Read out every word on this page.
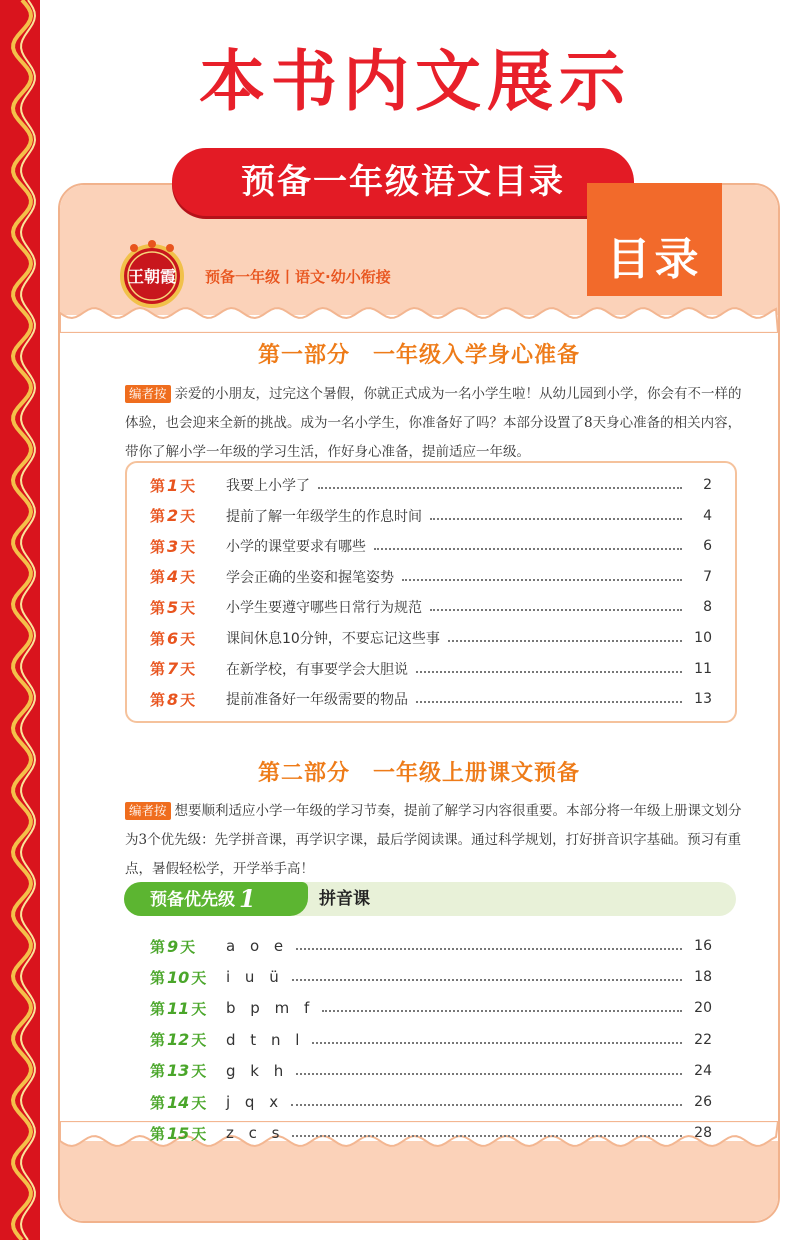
本书内文展示
预备一年级语文目录
王朝霞 预备一年级丨语文·幼小衔接	目录
第一部分　一年级入学身心准备
编者按 亲爱的小朋友，过完这个暑假，你就正式成为一名小学生啦！从幼儿园到小学，你会有不一样的体验，也会迎来全新的挑战。成为一名小学生，你准备好了吗？本部分设置了8天身心准备的相关内容，带你了解小学一年级的学习生活，作好身心准备，提前适应一年级。
第 1 天	我要上小学了	2
第 2 天	提前了解一年级学生的作息时间	4
第 3 天	小学的课堂要求有哪些	6
第 4 天	学会正确的坐姿和握笔姿势	7
第 5 天	小学生要遵守哪些日常行为规范	8
第 6 天	课间休息10分钟，不要忘记这些事	10
第 7 天	在新学校，有事要学会大胆说	11
第 8 天	提前准备好一年级需要的物品	13
第二部分　一年级上册课文预备
编者按 想要顺利适应小学一年级的学习节奏，提前了解学习内容很重要。本部分将一年级上册课文划分为3个优先级：先学拼音课，再学识字课，最后学阅读课。通过科学规划，打好拼音识字基础。预习有重点，暑假轻松学，开学举手高！
预备优先级 1	拼音课
第 9 天	a o e	16
第 10 天	i u ü	18
第 11 天	b p m f	20
第 12 天	d t n l	22
第 13 天	g k h	24
第 14 天	j q x	26
第 15 天	z c s	28
